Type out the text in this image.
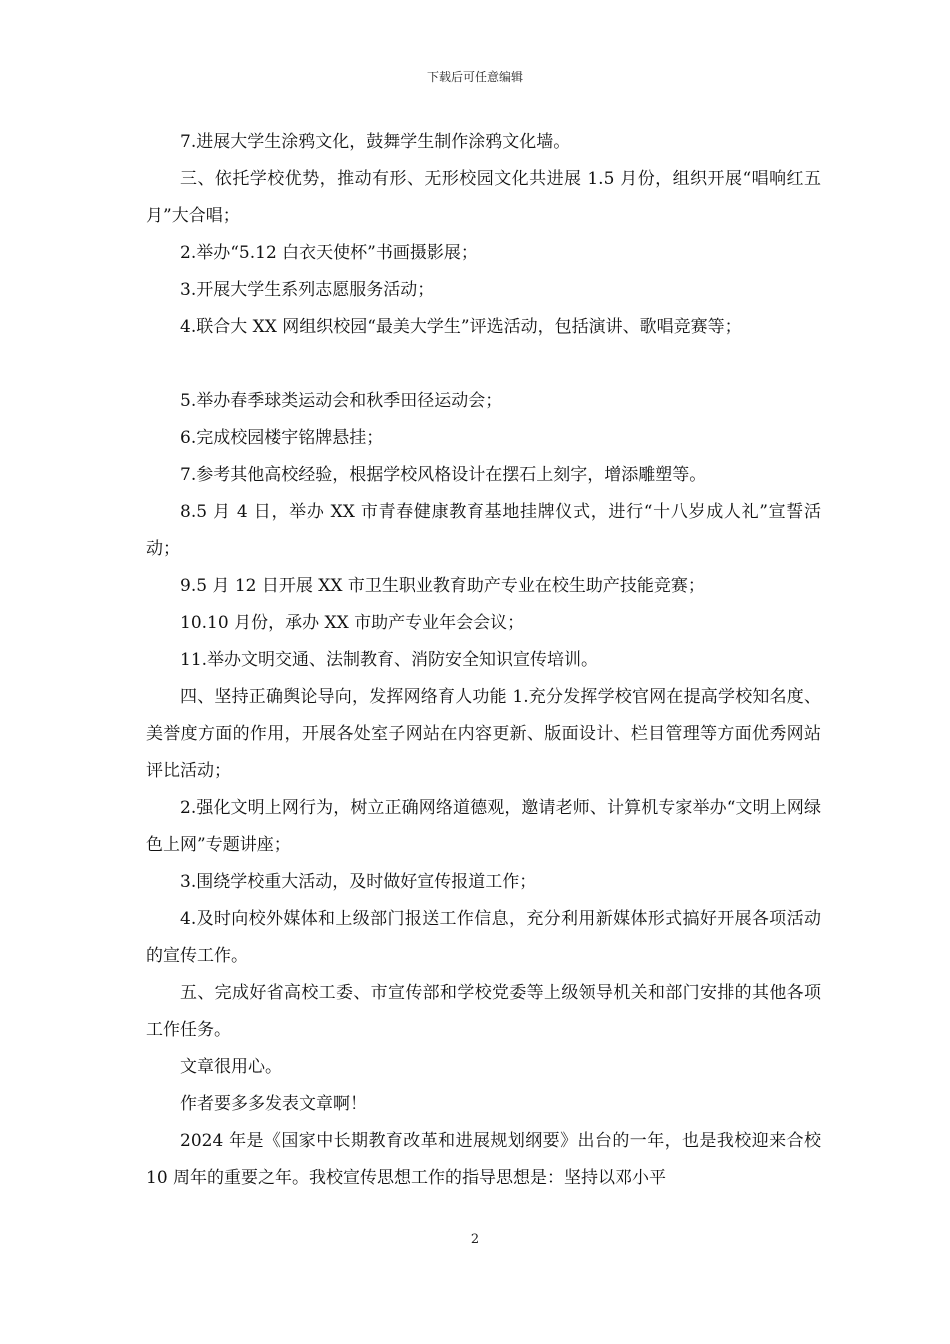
下载后可任意编辑

7.进展大学生涂鸦文化，鼓舞学生制作涂鸦文化墙。

三、依托学校优势，推动有形、无形校园文化共进展 1.5 月份，组织开展“唱响红五月”大合唱；

2.举办“5.12 白衣天使杯”书画摄影展；

3.开展大学生系列志愿服务活动；

4.联合大 XX 网组织校园“最美大学生”评选活动，包括演讲、歌唱竞赛等；

5.举办春季球类运动会和秋季田径运动会；

6.完成校园楼宇铭牌悬挂；

7.参考其他高校经验，根据学校风格设计在摆石上刻字，增添雕塑等。

8.5 月 4 日，举办 XX 市青春健康教育基地挂牌仪式，进行“十八岁成人礼”宣誓活动；

9.5 月 12 日开展 XX 市卫生职业教育助产专业在校生助产技能竞赛；

10.10 月份，承办 XX 市助产专业年会会议；

11.举办文明交通、法制教育、消防安全知识宣传培训。

四、坚持正确舆论导向，发挥网络育人功能 1.充分发挥学校官网在提高学校知名度、美誉度方面的作用，开展各处室子网站在内容更新、版面设计、栏目管理等方面优秀网站评比活动；

2.强化文明上网行为，树立正确网络道德观，邀请老师、计算机专家举办“文明上网绿色上网”专题讲座；

3.围绕学校重大活动，及时做好宣传报道工作；

4.及时向校外媒体和上级部门报送工作信息，充分利用新媒体形式搞好开展各项活动的宣传工作。

五、完成好省高校工委、市宣传部和学校党委等上级领导机关和部门安排的其他各项工作任务。

文章很用心。

作者要多多发表文章啊！

2024 年是《国家中长期教育改革和进展规划纲要》出台的一年，也是我校迎来合校 10 周年的重要之年。我校宣传思想工作的指导思想是：坚持以邓小平

2
